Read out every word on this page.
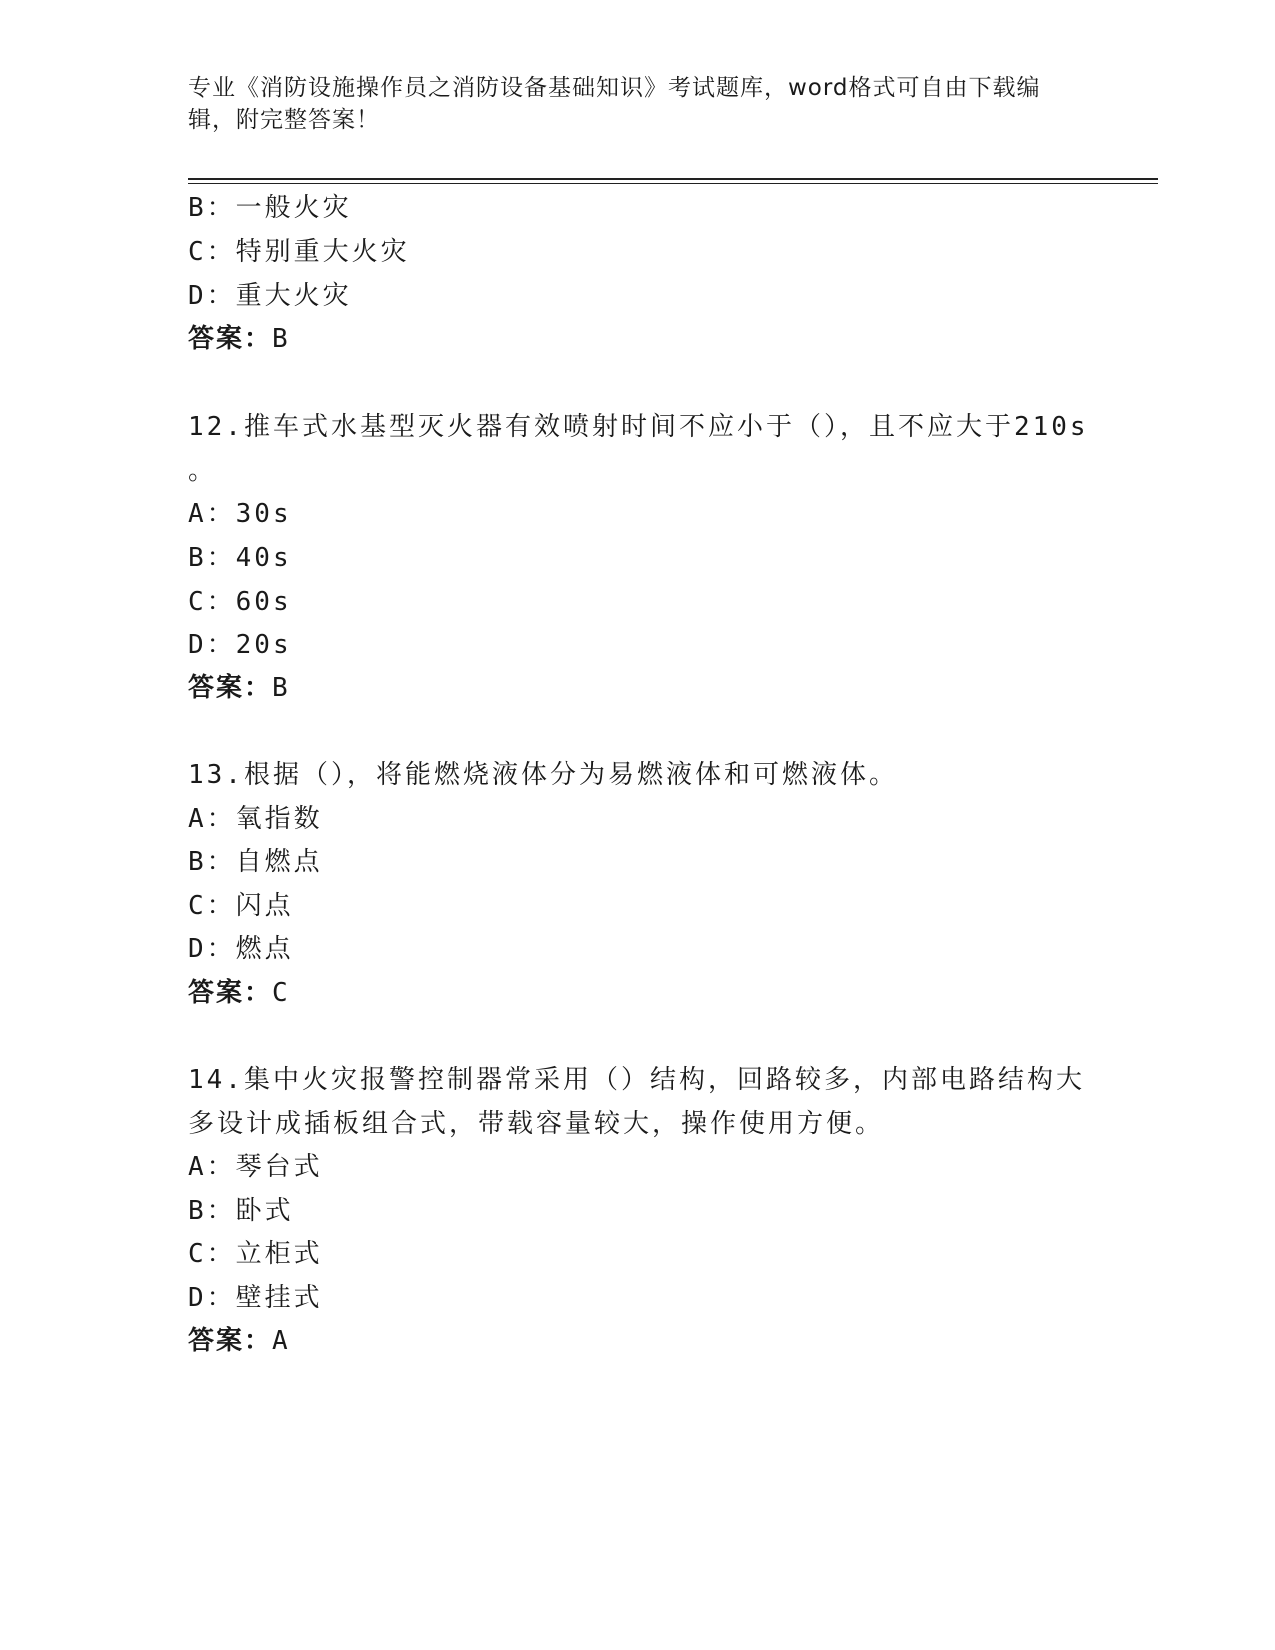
专业《消防设施操作员之消防设备基础知识》考试题库，word格式可自由下载编
辑，附完整答案！
B：一般火灾
C：特别重大火灾
D：重大火灾
答案：B
12.推车式水基型灭火器有效喷射时间不应小于（），且不应大于210s
。
A：30s
B：40s
C：60s
D：20s
答案：B
13.根据（），将能燃烧液体分为易燃液体和可燃液体。
A：氧指数
B：自燃点
C：闪点
D：燃点
答案：C
14.集中火灾报警控制器常采用（）结构，回路较多，内部电路结构大
多设计成插板组合式，带载容量较大，操作使用方便。
A：琴台式
B：卧式
C：立柜式
D：壁挂式
答案：A
